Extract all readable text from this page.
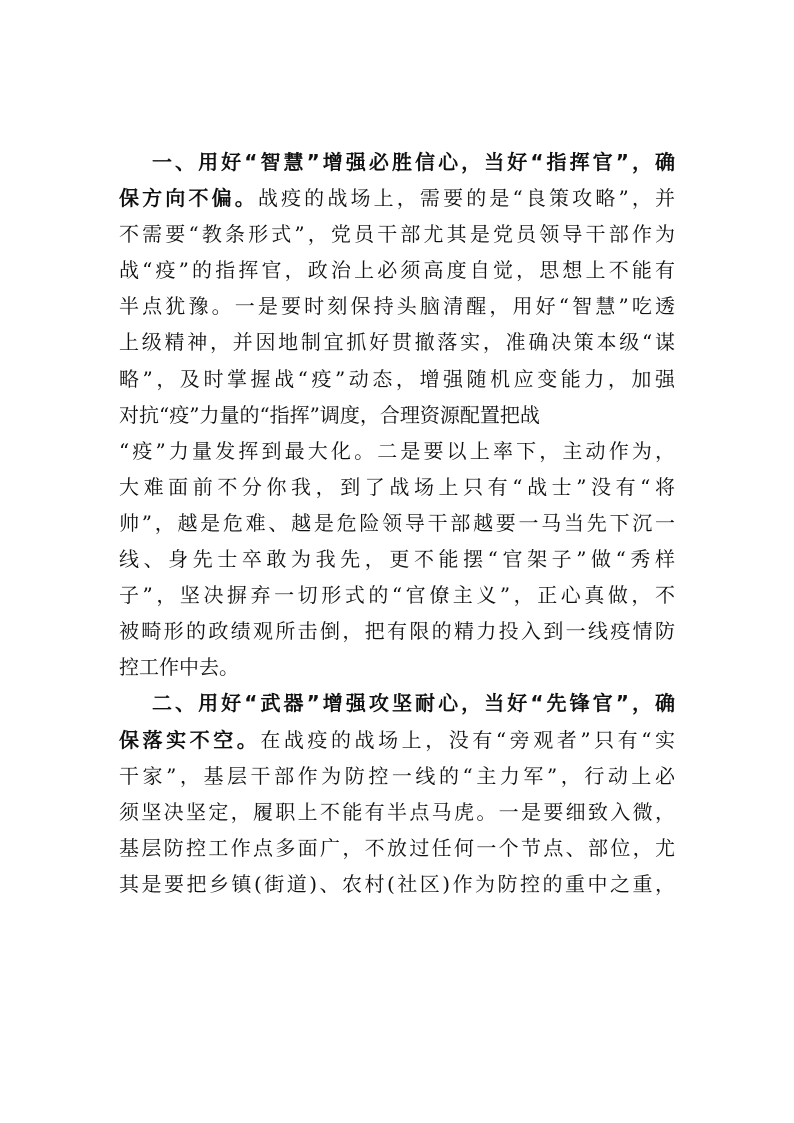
一、用好“智慧”增强必胜信心，当好“指挥官”，确
保方向不偏。战疫的战场上，需要的是“良策攻略”，并
不需要“教条形式”，党员干部尤其是党员领导干部作为
战“疫”的指挥官，政治上必须高度自觉，思想上不能有
半点犹豫。一是要时刻保持头脑清醒，用好“智慧”吃透
上级精神，并因地制宜抓好贯撤落实，准确决策本级“谋
略”，及时掌握战“疫”动态，增强随机应变能力，加强
对抗“疫”力量的“指挥”调度，合理资源配置把战
“疫”力量发挥到最大化。二是要以上率下，主动作为，
大难面前不分你我，到了战场上只有“战士”没有“将
帅”，越是危难、越是危险领导干部越要一马当先下沉一
线、身先士卒敢为我先，更不能摆“官架子”做“秀样
子”，坚决摒弃一切形式的“官僚主义”，正心真做，不
被畸形的政绩观所击倒，把有限的精力投入到一线疫情防
控工作中去。
二、用好“武器”增强攻坚耐心，当好“先锋官”，确
保落实不空。在战疫的战场上，没有“旁观者”只有“实
干家”，基层干部作为防控一线的“主力军”，行动上必
须坚决坚定，履职上不能有半点马虎。一是要细致入微，
基层防控工作点多面广，不放过任何一个节点、部位，尤
其是要把乡镇(街道)、农村(社区)作为防控的重中之重，
